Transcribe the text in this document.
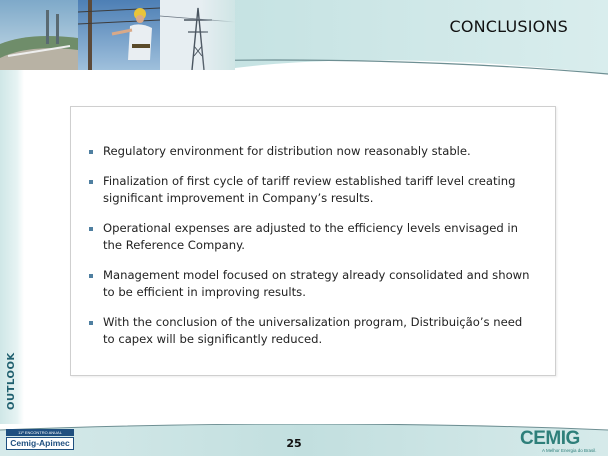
CONCLUSIONS
OUTLOOK
Regulatory environment for distribution now reasonably stable.
Finalization of first cycle of tariff review established tariff level creating significant improvement in Company’s results.
Operational expenses are adjusted to the efficiency levels envisaged in the Reference Company.
Management model focused on strategy already consolidated and shown to be efficient in improving results.
With the conclusion of the universalization program, Distribuição’s need to capex will be significantly reduced.
25
11º ENCONTRO ANUAL
Cemig-Apimec	CEMIG
A Melhor Energia do Brasil.
